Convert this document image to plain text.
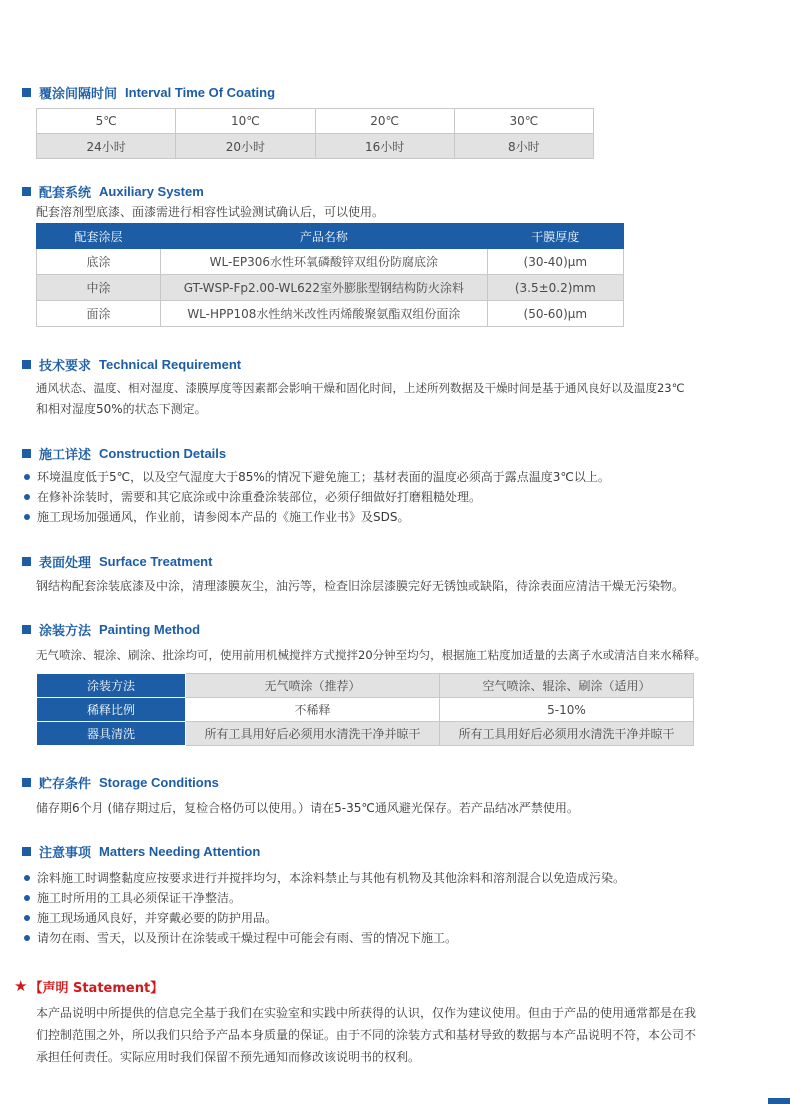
覆涂间隔时间 Interval Time Of Coating
5℃	10℃	20℃	30℃
24小时	20小时	16小时	8小时
配套系统 Auxiliary System
配套溶剂型底漆、面漆需进行相容性试验测试确认后，可以使用。
配套涂层	产品名称	干膜厚度
底涂	WL-EP306水性环氧磷酸锌双组份防腐底涂	(30-40)μm
中涂	GT-WSP-Fp2.00-WL622室外膨胀型钢结构防火涂料	(3.5±0.2)mm
面涂	WL-HPP108水性纳米改性丙烯酸聚氨酯双组份面涂	(50-60)μm
技术要求 Technical Requirement
通风状态、温度、相对湿度、漆膜厚度等因素都会影响干燥和固化时间，上述所列数据及干燥时间是基于通风良好以及温度23℃
和相对湿度50%的状态下测定。
施工详述 Construction Details
环境温度低于5℃，以及空气湿度大于85%的情况下避免施工；基材表面的温度必须高于露点温度3℃以上。
在修补涂装时，需要和其它底涂或中涂重叠涂装部位，必须仔细做好打磨粗糙处理。
施工现场加强通风，作业前，请参阅本产品的《施工作业书》及SDS。
表面处理 Surface Treatment
钢结构配套涂装底漆及中涂，清理漆膜灰尘，油污等，检查旧涂层漆膜完好无锈蚀或缺陷，待涂表面应清洁干燥无污染物。
涂装方法 Painting Method
无气喷涂、辊涂、刷涂、批涂均可，使用前用机械搅拌方式搅拌20分钟至均匀，根据施工粘度加适量的去离子水或清洁自来水稀释。
涂装方法	无气喷涂（推荐）	空气喷涂、辊涂、刷涂（适用）
稀释比例	不稀释	5-10%
器具清洗	所有工具用好后必须用水清洗干净并晾干	所有工具用好后必须用水清洗干净并晾干
贮存条件 Storage Conditions
储存期6个月 (储存期过后，复检合格仍可以使用。）请在5-35℃通风避光保存。若产品结冰严禁使用。
注意事项 Matters Needing Attention
涂料施工时调整黏度应按要求进行并搅拌均匀，本涂料禁止与其他有机物及其他涂料和溶剂混合以免造成污染。
施工时所用的工具必须保证干净整洁。
施工现场通风良好，并穿戴必要的防护用品。
请勿在雨、雪天，以及预计在涂装或干燥过程中可能会有雨、雪的情况下施工。
★ 【声明 Statement】
本产品说明中所提供的信息完全基于我们在实验室和实践中所获得的认识，仅作为建议使用。但由于产品的使用通常都是在我
们控制范围之外，所以我们只给予产品本身质量的保证。由于不同的涂装方式和基材导致的数据与本产品说明不符，本公司不
承担任何责任。实际应用时我们保留不预先通知而修改该说明书的权利。
